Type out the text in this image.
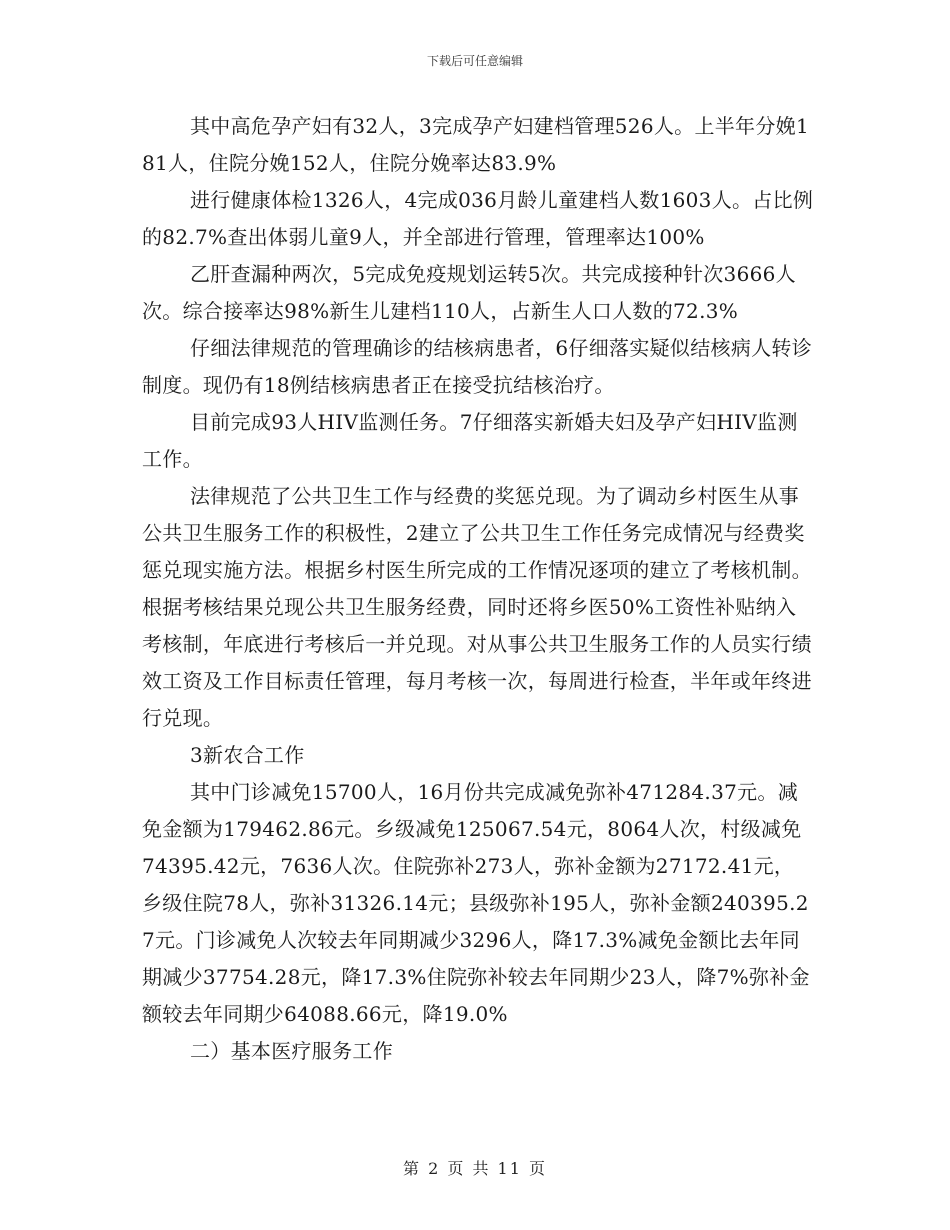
下载后可任意编辑

其中高危孕产妇有32人，3完成孕产妇建档管理526人。上半年分娩181人，住院分娩152人，住院分娩率达83.9%

进行健康体检1326人，4完成036月龄儿童建档人数1603人。占比例的82.7%查出体弱儿童9人，并全部进行管理，管理率达100%

乙肝查漏种两次，5完成免疫规划运转5次。共完成接种针次3666人次。综合接率达98%新生儿建档110人，占新生人口人数的72.3%

仔细法律规范的管理确诊的结核病患者，6仔细落实疑似结核病人转诊制度。现仍有18例结核病患者正在接受抗结核治疗。

目前完成93人HIV监测任务。7仔细落实新婚夫妇及孕产妇HIV监测工作。

法律规范了公共卫生工作与经费的奖惩兑现。为了调动乡村医生从事公共卫生服务工作的积极性，2建立了公共卫生工作任务完成情况与经费奖惩兑现实施方法。根据乡村医生所完成的工作情况逐项的建立了考核机制。根据考核结果兑现公共卫生服务经费，同时还将乡医50%工资性补贴纳入考核制，年底进行考核后一并兑现。对从事公共卫生服务工作的人员实行绩效工资及工作目标责任管理，每月考核一次，每周进行检查，半年或年终进行兑现。

3新农合工作

其中门诊减免15700人，16月份共完成减免弥补471284.37元。减免金额为179462.86元。乡级减免125067.54元，8064人次，村级减免74395.42元，7636人次。住院弥补273人，弥补金额为27172.41元，乡级住院78人，弥补31326.14元；县级弥补195人，弥补金额240395.27元。门诊减免人次较去年同期减少3296人，降17.3%减免金额比去年同期减少37754.28元，降17.3%住院弥补较去年同期少23人，降7%弥补金额较去年同期少64088.66元，降19.0%

二）基本医疗服务工作

第 2 页 共 11 页
